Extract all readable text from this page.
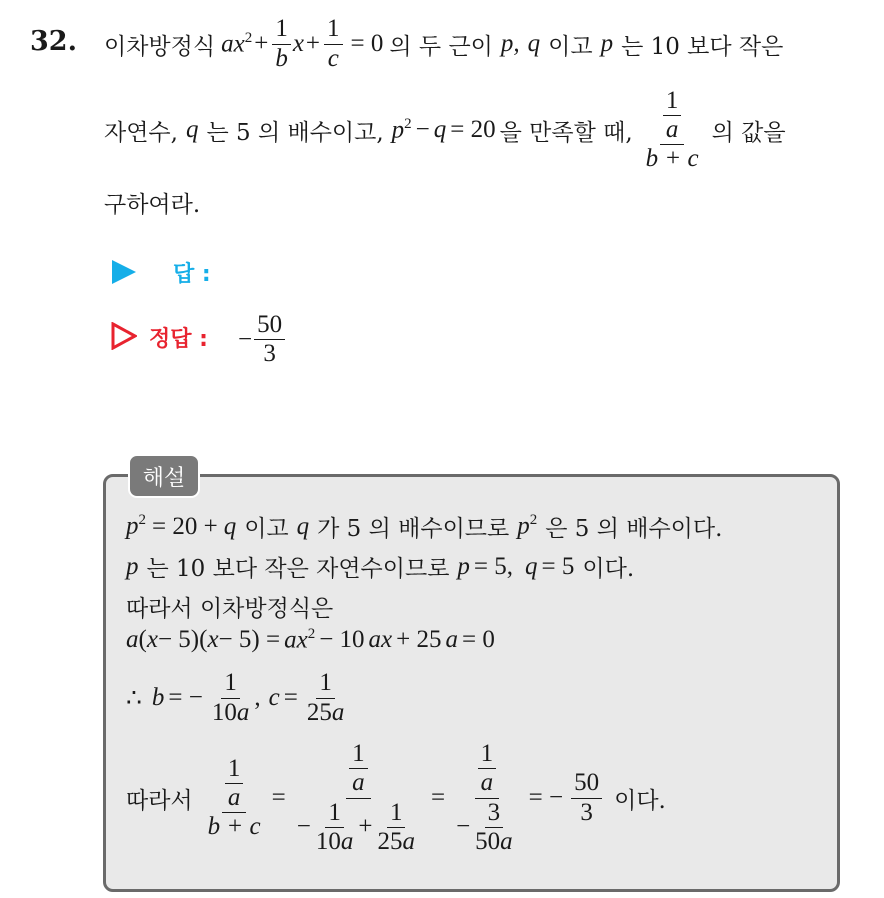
32. 이차방정식 $ax^2 + \frac{1}{b}$ $x + \frac{1}{c} = 0$ 의 두 근이 p, q 이고 p 는 10 보다 작은
자연수, q 는 5 의 배수이고, $p^2 - q = 20$ 을 만족할 때, $\frac{\frac{1}{a}}{b + c}$ 의 값을
구하여라.
답 :
정답 : − $\frac{50}{3}$
해설
$p^2 = 20 + q$ 이고 q 가 5 의 배수이므로 $p^2$ 은 5 의 배수이다.
p 는 10 보다 작은 자연수이므로 p = 5, q = 5 이다.
따라서 이차방정식은
a ( x − 5)( $x - 5) = ax^2 - 10$ ax + 25 a = 0
∴ b = − $\frac{1}{10a}$ , $c = \frac{1}{25a}$
따라서 $\frac{\frac{1}{a}}{b + c} = \frac{\frac{1}{a}}{- \frac{1}{10a} + \frac{1}{25a}} = \frac{\frac{1}{a}}{- \frac{3}{50a}}$ = − $\frac{50}{3}$ 이다.
